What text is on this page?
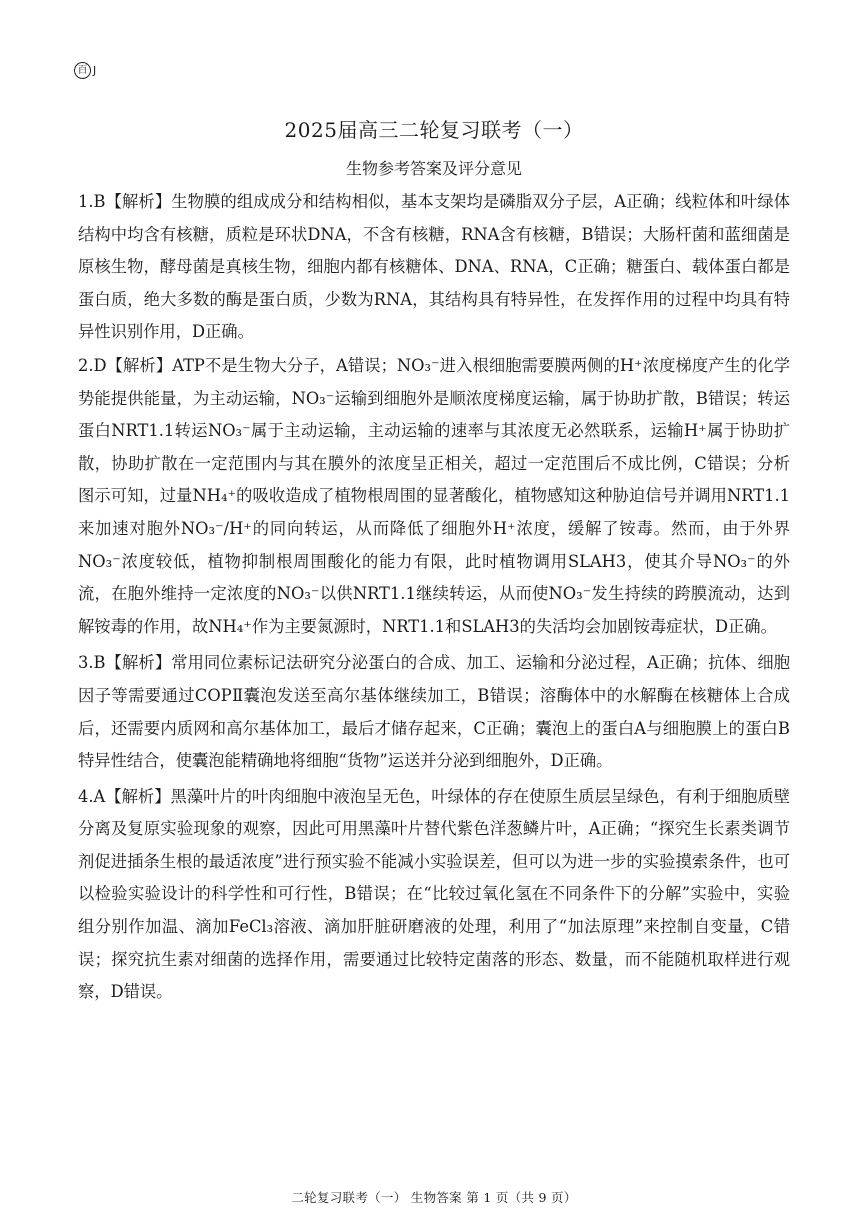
百 J
2025届高三二轮复习联考（一）
生物参考答案及评分意见

1.B【解析】生物膜的组成成分和结构相似，基本支架均是磷脂双分子层，A正确；线粒体和叶绿体结构中均含有核糖，质粒是环状DNA，不含有核糖，RNA含有核糖，B错误；大肠杆菌和蓝细菌是原核生物，酵母菌是真核生物，细胞内都有核糖体、DNA、RNA，C正确；糖蛋白、载体蛋白都是蛋白质，绝大多数的酶是蛋白质，少数为RNA，其结构具有特异性，在发挥作用的过程中均具有特异性识别作用，D正确。

2.D【解析】ATP不是生物大分子，A错误；NO₃⁻进入根细胞需要膜两侧的H⁺浓度梯度产生的化学势能提供能量，为主动运输，NO₃⁻运输到细胞外是顺浓度梯度运输，属于协助扩散，B错误；转运蛋白NRT1.1转运NO₃⁻属于主动运输，主动运输的速率与其浓度无必然联系，运输H⁺属于协助扩散，协助扩散在一定范围内与其在膜外的浓度呈正相关，超过一定范围后不成比例，C错误；分析图示可知，过量NH₄⁺的吸收造成了植物根周围的显著酸化，植物感知这种胁迫信号并调用NRT1.1来加速对胞外NO₃⁻/H⁺的同向转运，从而降低了细胞外H⁺浓度，缓解了铵毒。然而，由于外界NO₃⁻浓度较低，植物抑制根周围酸化的能力有限，此时植物调用SLAH3，使其介导NO₃⁻的外流，在胞外维持一定浓度的NO₃⁻以供NRT1.1继续转运，从而使NO₃⁻发生持续的跨膜流动，达到解铵毒的作用，故NH₄⁺作为主要氮源时，NRT1.1和SLAH3的失活均会加剧铵毒症状，D正确。

3.B【解析】常用同位素标记法研究分泌蛋白的合成、加工、运输和分泌过程，A正确；抗体、细胞因子等需要通过COPⅡ囊泡发送至高尔基体继续加工，B错误；溶酶体中的水解酶在核糖体上合成后，还需要内质网和高尔基体加工，最后才储存起来，C正确；囊泡上的蛋白A与细胞膜上的蛋白B特异性结合，使囊泡能精确地将细胞“货物”运送并分泌到细胞外，D正确。

4.A【解析】黑藻叶片的叶肉细胞中液泡呈无色，叶绿体的存在使原生质层呈绿色，有利于细胞质壁分离及复原实验现象的观察，因此可用黑藻叶片替代紫色洋葱鳞片叶，A正确；“探究生长素类调节剂促进插条生根的最适浓度”进行预实验不能减小实验误差，但可以为进一步的实验摸索条件，也可以检验实验设计的科学性和可行性，B错误；在“比较过氧化氢在不同条件下的分解”实验中，实验组分别作加温、滴加FeCl₃溶液、滴加肝脏研磨液的处理，利用了“加法原理”来控制自变量，C错误；探究抗生素对细菌的选择作用，需要通过比较特定菌落的形态、数量，而不能随机取样进行观察，D错误。

二轮复习联考（一） 生物答案 第 1 页（共 9 页）
